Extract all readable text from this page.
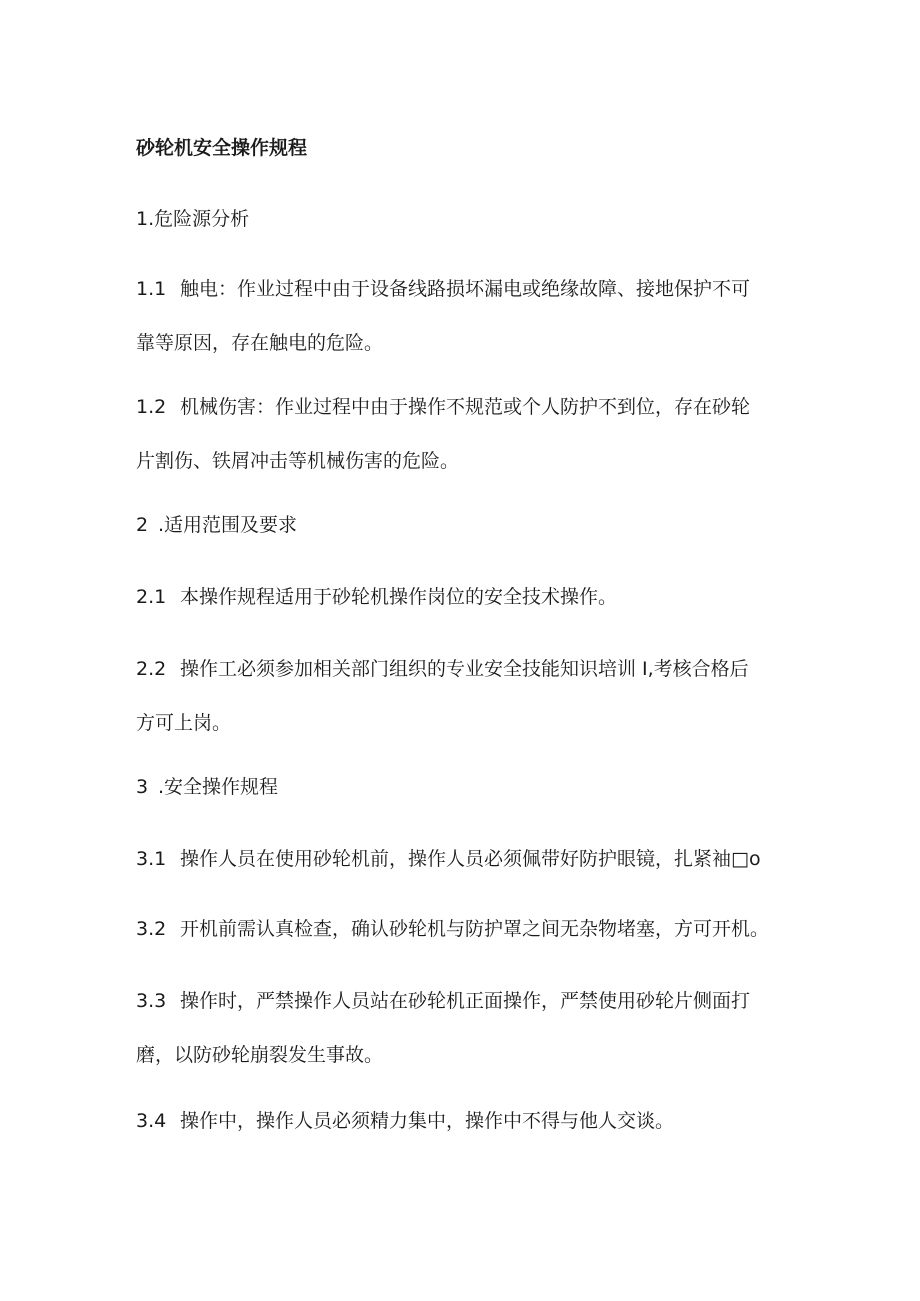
砂轮机安全操作规程
1.危险源分析
1.1 触电：作业过程中由于设备线路损坏漏电或绝缘故障、接地保护不可
靠等原因，存在触电的危险。
1.2 机械伤害：作业过程中由于操作不规范或个人防护不到位，存在砂轮
片割伤、铁屑冲击等机械伤害的危险。
2 .适用范围及要求
2.1 本操作规程适用于砂轮机操作岗位的安全技术操作。
2.2 操作工必须参加相关部门组织的专业安全技能知识培训 I,考核合格后
方可上岗。
3 .安全操作规程
3.1 操作人员在使用砂轮机前，操作人员必须佩带好防护眼镜，扎紧袖□o
3.2 开机前需认真检查，确认砂轮机与防护罩之间无杂物堵塞，方可开机。
3.3 操作时，严禁操作人员站在砂轮机正面操作，严禁使用砂轮片侧面打
磨，以防砂轮崩裂发生事故。
3.4 操作中，操作人员必须精力集中，操作中不得与他人交谈。
